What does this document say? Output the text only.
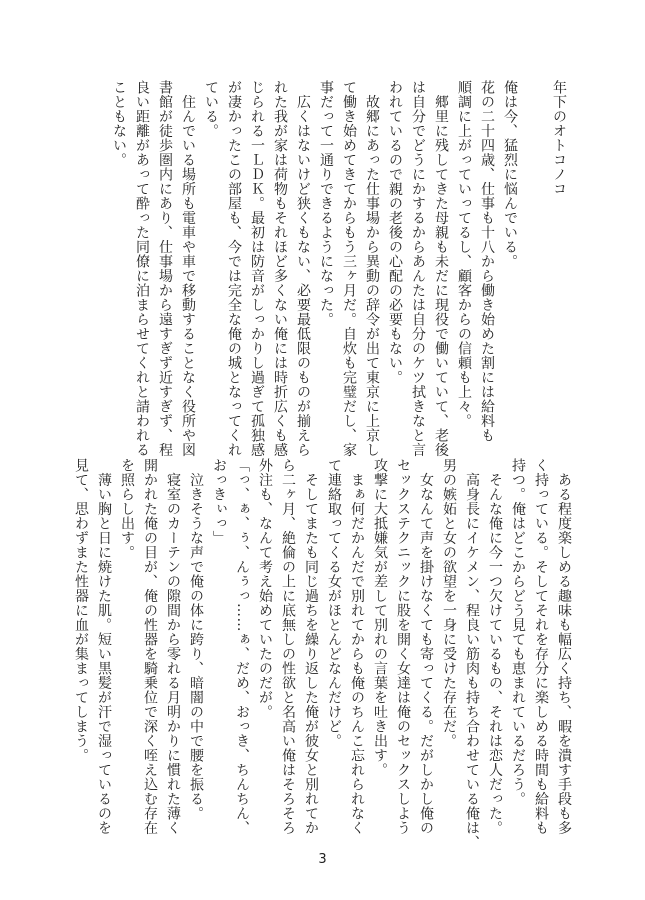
年下のオトコノコ
俺は今、猛烈に悩んでいる。
花の二十四歳、仕事も十八から働き始めた割には給料も
順調に上がっていってるし、顧客からの信頼も上々。
　郷里に残してきた母親も未だに現役で働いていて、老後
は自分でどうにかするからあんたは自分のケツ拭きなと言
われているので親の老後の心配の必要もない。
　故郷にあった仕事場から異動の辞令が出て東京に上京し
て働き始めてきてからもう三ヶ月だ。自炊も完璧だし、家
事だって一通りできるようになった。
　広くはないけど狭くもない、必要最低限のものが揃えら
れた我が家は荷物もそれほど多くない俺には時折広くも感
じられる一ＬＤＫ。最初は防音がしっかりし過ぎて孤独感
が凄かったこの部屋も、今では完全な俺の城となってくれ
ている。
　住んでいる場所も電車や車で移動することなく役所や図
書館が徒歩圏内にあり、仕事場から遠すぎず近すぎず、程
良い距離があって酔った同僚に泊まらせてくれと請われる
こともない。
　ある程度楽しめる趣味も幅広く持ち、暇を潰す手段も多
く持っている。そしてそれを存分に楽しめる時間も給料も
持つ。俺はどこからどう見ても恵まれているだろう。
　そんな俺に今一つ欠けているもの、それは恋人だった。
　高身長にイケメン、程良い筋肉も持ち合わせている俺は、
男の嫉妬と女の欲望を一身に受けた存在だ。
　女なんて声を掛けなくても寄ってくる。だがしかし俺の
セックステクニックに股を開く女達は俺のセックスしよう
攻撃に大抵嫌気が差して別れの言葉を吐き出す。
　まぁ何だかんだで別れてからも俺のちんこ忘れられなく
て連絡取ってくる女がほとんどなんだけど。
　そしてまたも同じ過ちを繰り返した俺が彼女と別れてか
ら二ヶ月、絶倫の上に底無しの性欲と名高い俺はそろそろ
外注も、なんて考え始めていたのだが。
「っ、ぁ、ぅ、んぅっ……ぁ、だめ、おっき、ちんちん、
おっきぃっ」
　泣きそうな声で俺の体に跨り、暗闇の中で腰を振る。
　寝室のカーテンの隙間から零れる月明かりに慣れた薄く
開かれた俺の目が、俺の性器を騎乗位で深く咥え込む存在
を照らし出す。
　薄い胸と日に焼けた肌。短い黒髪が汗で湿っているのを
見て、思わずまた性器に血が集まってしまう。
3
